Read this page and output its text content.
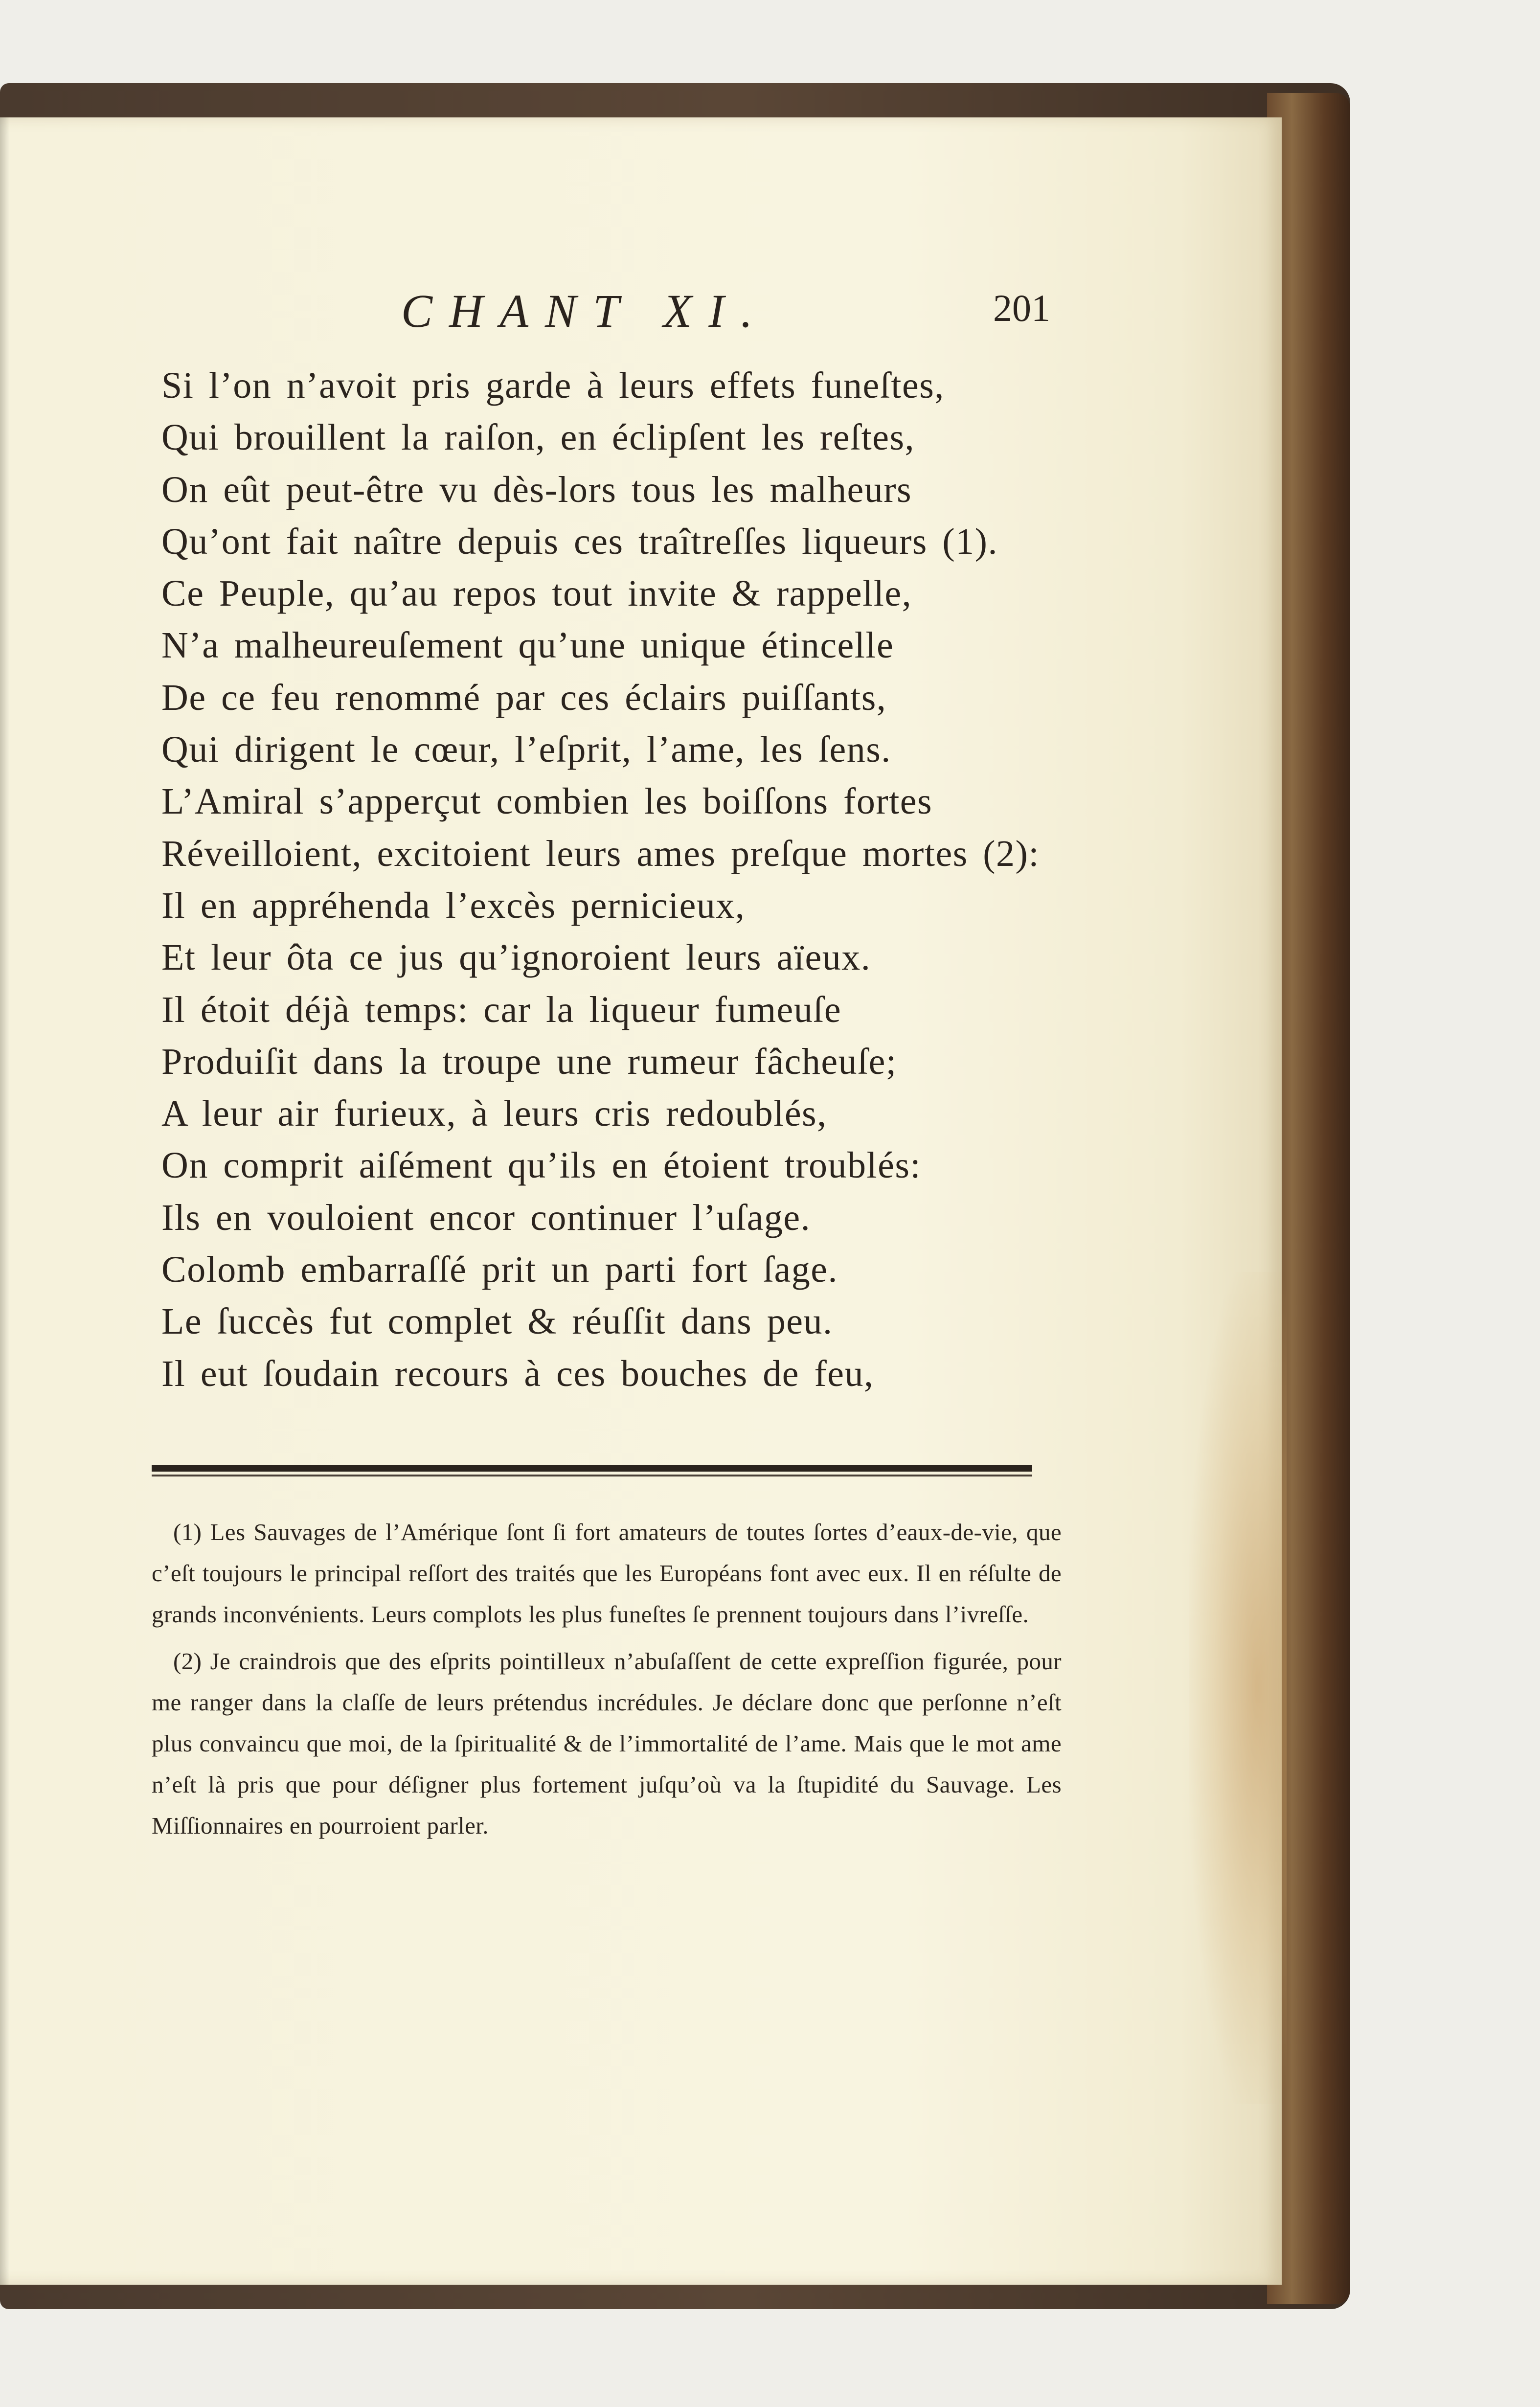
CHANT XI.	201
Si l’on n’avoit pris garde à leurs effets funeſtes,
Qui brouillent la raiſon, en éclipſent les reſtes,
On eût peut-être vu dès-lors tous les malheurs
Qu’ont fait naître depuis ces traîtreſſes liqueurs (1).
Ce Peuple, qu’au repos tout invite & rappelle,
N’a malheureuſement qu’une unique étincelle
De ce feu renommé par ces éclairs puiſſants,
Qui dirigent le cœur, l’eſprit, l’ame, les ſens.
L’Amiral s’apperçut combien les boiſſons fortes
Réveilloient, excitoient leurs ames preſque mortes (2):
Il en appréhenda l’excès pernicieux,
Et leur ôta ce jus qu’ignoroient leurs aïeux.
Il étoit déjà temps: car la liqueur fumeuſe
Produiſit dans la troupe une rumeur fâcheuſe;
A leur air furieux, à leurs cris redoublés,
On comprit aiſément qu’ils en étoient troublés:
Ils en vouloient encor continuer l’uſage.
Colomb embarraſſé prit un parti fort ſage.
Le ſuccès fut complet & réuſſit dans peu.
Il eut ſoudain recours à ces bouches de feu,

(1) Les Sauvages de l’Amérique ſont ſi fort amateurs de toutes ſortes d’eaux-de-vie, que c’eſt toujours le principal reſſort des traités que les Européans font avec eux. Il en réſulte de grands inconvénients. Leurs complots les plus funeſtes ſe prennent toujours dans l’ivreſſe.

(2) Je craindrois que des eſprits pointilleux n’abuſaſſent de cette expreſſion figurée, pour me ranger dans la claſſe de leurs prétendus incrédules. Je déclare donc que perſonne n’eſt plus convaincu que moi, de la ſpiritualité & de l’immortalité de l’ame. Mais que le mot ame n’eſt là pris que pour déſigner plus fortement juſqu’où va la ſtupidité du Sauvage. Les Miſſionnaires en pourroient parler.
